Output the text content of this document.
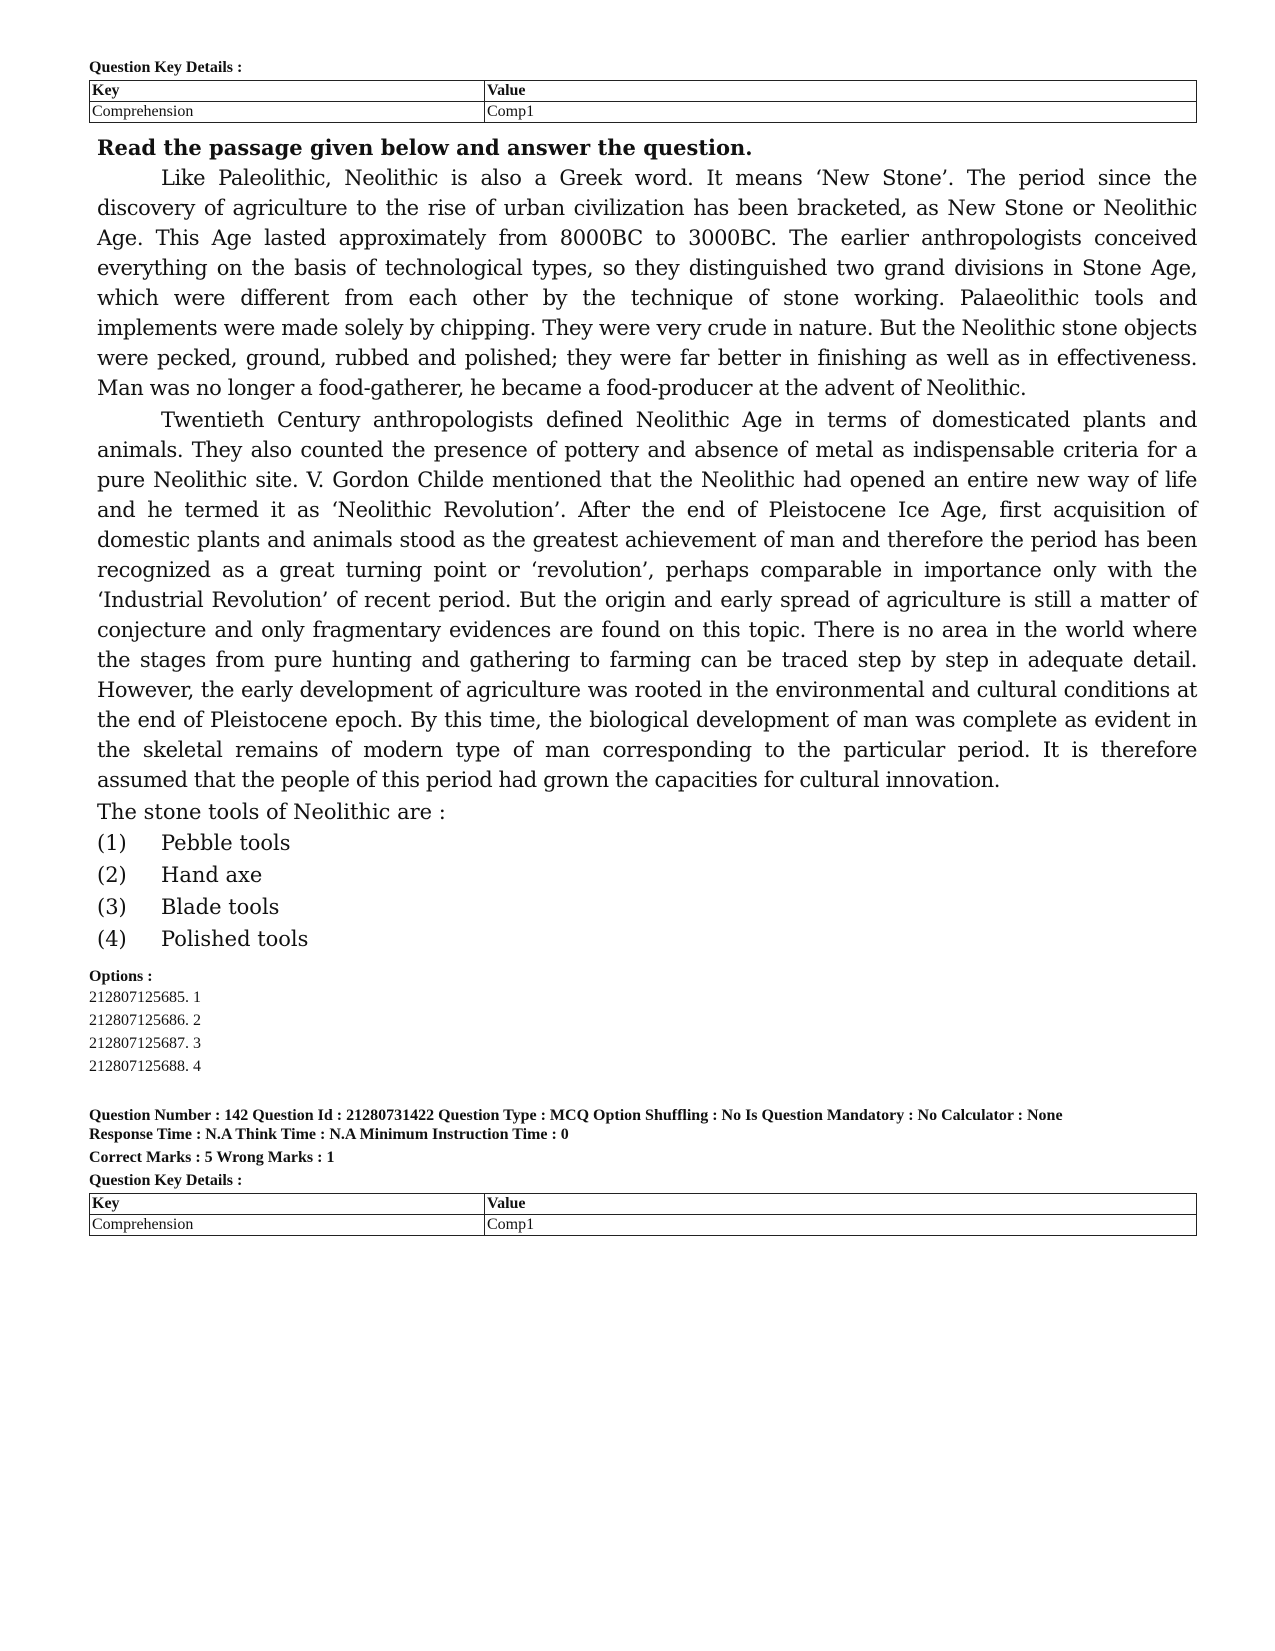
Question Key Details :

Key	Value
Comprehension	Comp1

Read the passage given below and answer the question.

Like Paleolithic, Neolithic is also a Greek word. It means ‘New Stone’. The period since the discovery of agriculture to the rise of urban civilization has been bracketed, as New Stone or Neolithic Age. This Age lasted approximately from 8000BC to 3000BC. The earlier anthropologists conceived everything on the basis of technological types, so they distinguished two grand divisions in Stone Age, which were different from each other by the technique of stone working. Palaeolithic tools and implements were made solely by chipping. They were very crude in nature. But the Neolithic stone objects were pecked, ground, rubbed and polished; they were far better in finishing as well as in effectiveness. Man was no longer a food-gatherer, he became a food-producer at the advent of Neolithic.

Twentieth Century anthropologists defined Neolithic Age in terms of domesticated plants and animals. They also counted the presence of pottery and absence of metal as indispensable criteria for a pure Neolithic site. V. Gordon Childe mentioned that the Neolithic had opened an entire new way of life and he termed it as ‘Neolithic Revolution’. After the end of Pleistocene Ice Age, first acquisition of domestic plants and animals stood as the greatest achievement of man and therefore the period has been recognized as a great turning point or ‘revolution’, perhaps comparable in importance only with the ‘Industrial Revolution’ of recent period. But the origin and early spread of agriculture is still a matter of conjecture and only fragmentary evidences are found on this topic. There is no area in the world where the stages from pure hunting and gathering to farming can be traced step by step in adequate detail. However, the early development of agriculture was rooted in the environmental and cultural conditions at the end of Pleistocene epoch. By this time, the biological development of man was complete as evident in the skeletal remains of modern type of man corresponding to the particular period. It is therefore assumed that the people of this period had grown the capacities for cultural innovation.

The stone tools of Neolithic are :

(1) Pebble tools

(2) Hand axe

(3) Blade tools

(4) Polished tools

Options :

212807125685. 1

212807125686. 2

212807125687. 3

212807125688. 4

Question Number : 142 Question Id : 21280731422 Question Type : MCQ Option Shuffling : No Is Question Mandatory : No Calculator : None
Response Time : N.A Think Time : N.A Minimum Instruction Time : 0

Correct Marks : 5 Wrong Marks : 1

Question Key Details :

Key	Value
Comprehension	Comp1
